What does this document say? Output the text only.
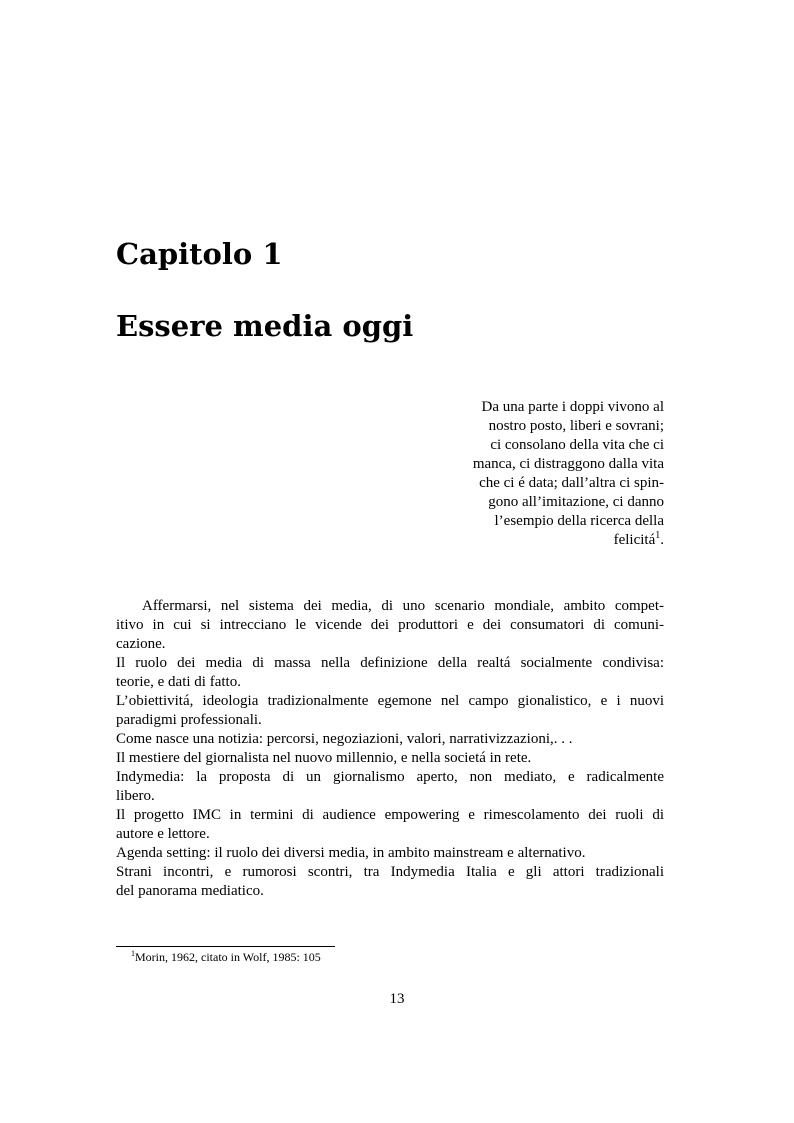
Capitolo 1
Essere media oggi
Da una parte i doppi vivono al
nostro posto, liberi e sovrani;
ci consolano della vita che ci
manca, ci distraggono dalla vita
che ci é data; dall’altra ci spin-
gono all’imitazione, ci danno
l’esempio della ricerca della
felicitá$^1$.
Affermarsi, nel sistema dei media, di uno scenario mondiale, ambito compet-
itivo in cui si intrecciano le vicende dei produttori e dei consumatori di comuni-
cazione.
Il ruolo dei media di massa nella definizione della realtá socialmente condivisa:
teorie, e dati di fatto.
L’obiettivitá, ideologia tradizionalmente egemone nel campo gionalistico, e i nuovi
paradigmi professionali.
Come nasce una notizia: percorsi, negoziazioni, valori, narrativizzazioni,. . .
Il mestiere del giornalista nel nuovo millennio, e nella societá in rete.
Indymedia: la proposta di un giornalismo aperto, non mediato, e radicalmente
libero.
Il progetto IMC in termini di audience empowering e rimescolamento dei ruoli di
autore e lettore.
Agenda setting: il ruolo dei diversi media, in ambito mainstream e alternativo.
Strani incontri, e rumorosi scontri, tra Indymedia Italia e gli attori tradizionali
del panorama mediatico.
$^1$Morin, 1962, citato in Wolf, 1985: 105
13
